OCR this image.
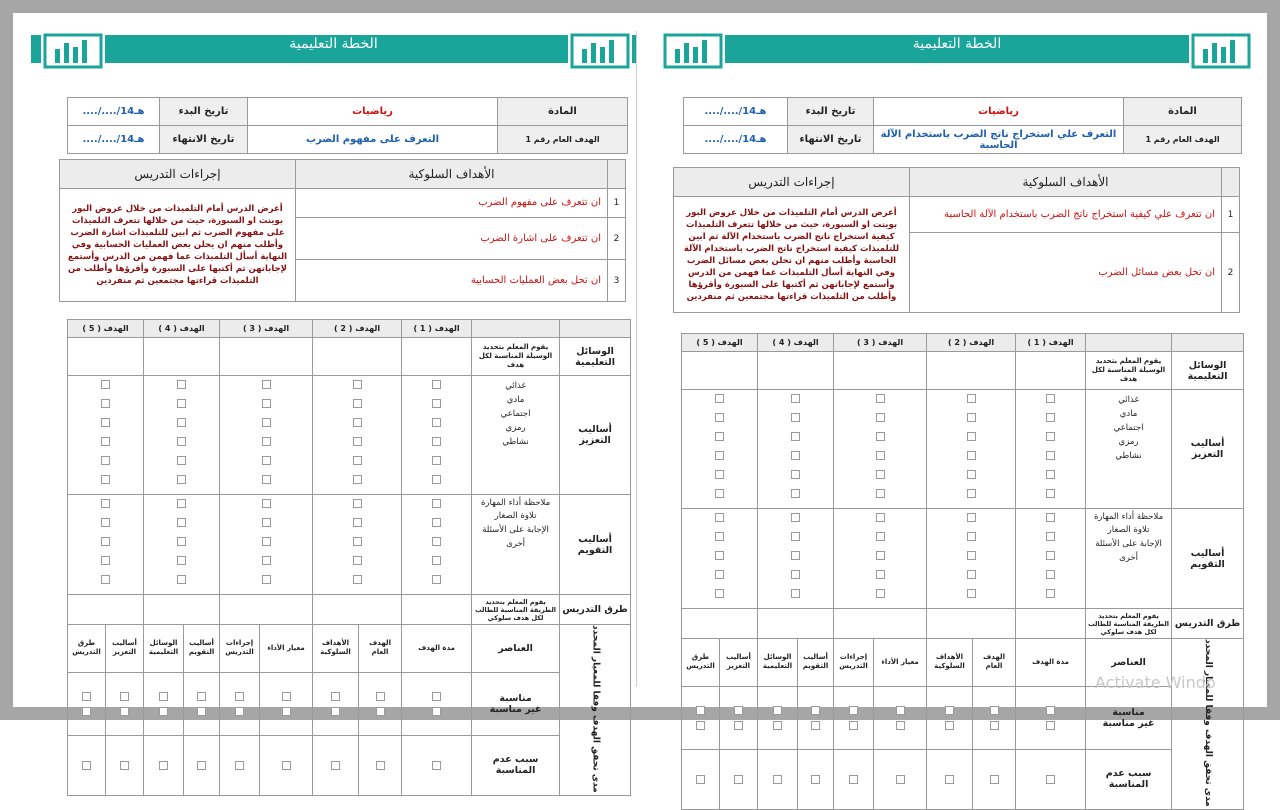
الخطة التعليمية
..../..../14هـ	تاريخ البدء	رياضيات	المادة
..../..../14هـ	تاريخ الانتهاء	التعرف على مفهوم الضرب	الهدف العام رقم 1
إجراءات التدريس	الأهداف السلوكية	
أعرض الدرس أمام التلميذات من خلال عروض البور بوينت او السبورة، حيث من خلالها تتعرف التلميذات على مفهوم الضرب ثم ابين للتلميذات اشارة الضرب وأطلب منهم ان يحلن بعض العمليات الحسابية وفي النهاية أسأل التلميذات عما فهمن من الدرس وأستمع لإجاباتهن ثم أكتبها على السبورة وأقرؤها وأطلب من التلميذات قراءتها مجتمعين ثم منفردين	ان تتعرف على مفهوم الضرب	1
	ان تتعرف على اشارة الضرب	2
	ان تحل بعض العمليات الحسابية	3
الهدف ( 5 )		الهدف ( 4 )		الهدف ( 3 )		الهدف ( 2 )		الهدف ( 1 )		
									يقوم المعلم بتحديد الوسيلة المناسبة لكل هدف	الوسائل التعليمية

									غذائي
مادي
اجتماعي
رمزي
نشاطي	أساليب التعزيز

									ملاحظة أداء المهارة
تلاوة الصغار
الإجابة على الأسئلة
أخرى	أساليب التقويم
									يقوم المعلم بتحديد الطريقة المناسبة للطالب لكل هدف سلوكي	طرق التدريس
طرق التدريس	أساليب التعزيز	الوسائل التعليمية	أساليب التقويم	إجراءات التدريس	معيار الأداء	الأهداف السلوكية	الهدف العام	مدة الهدف	العناصر	مدى تحقق الهدف وفقا للمعيار المحدد

									مناسبة
غير مناسبة	

	سبب عدم المناسبة	
الخطة التعليمية
..../..../14هـ	تاريخ البدء	رياضيات	المادة
..../..../14هـ	تاريخ الانتهاء	التعرف علي استخراج ناتج الضرب باستخدام الآلة الحاسبة	الهدف العام رقم 1
إجراءات التدريس	الأهداف السلوكية	
أعرض الدرس أمام التلميذات من خلال عروض البور بوينت او السبورة، حيث من خلالها تتعرف التلميذات كيفية استخراج ناتج الضرب باستخدام الآلة ثم ابين للتلميذات كيفية استخراج ناتج الضرب باستخدام الآلة الحاسبة وأطلب منهم ان تحلن بعض مسائل الضرب وفي النهاية أسأل التلميذات عما فهمن من الدرس وأستمع لإجاباتهن ثم أكتبها على السبورة وأقرؤها وأطلب من التلميذات قراءتها مجتمعين ثم منفردين	ان تتعرف علي كيفية استخراج ناتج الضرب باستخدام الآلة الحاسبة	1
	ان تحل بعض مسائل الضرب	2
الهدف ( 5 )		الهدف ( 4 )		الهدف ( 3 )		الهدف ( 2 )		الهدف ( 1 )		
									يقوم المعلم بتحديد الوسيلة المناسبة لكل هدف	الوسائل التعليمية

									غذائي
مادي
اجتماعي
رمزي
نشاطي	أساليب التعزيز

									ملاحظة أداء المهارة
تلاوة الصغار
الإجابة على الأسئلة
أخرى	أساليب التقويم
									يقوم المعلم بتحديد الطريقة المناسبة للطالب لكل هدف سلوكي	طرق التدريس
طرق التدريس	أساليب التعزيز	الوسائل التعليمية	أساليب التقويم	إجراءات التدريس	معيار الأداء	الأهداف السلوكية	الهدف العام	مدة الهدف	العناصر	مدى تحقق الهدف وفقا للمعيار المحدد

									مناسبة
غير مناسبة	

	سبب عدم المناسبة	
Activate Windo
